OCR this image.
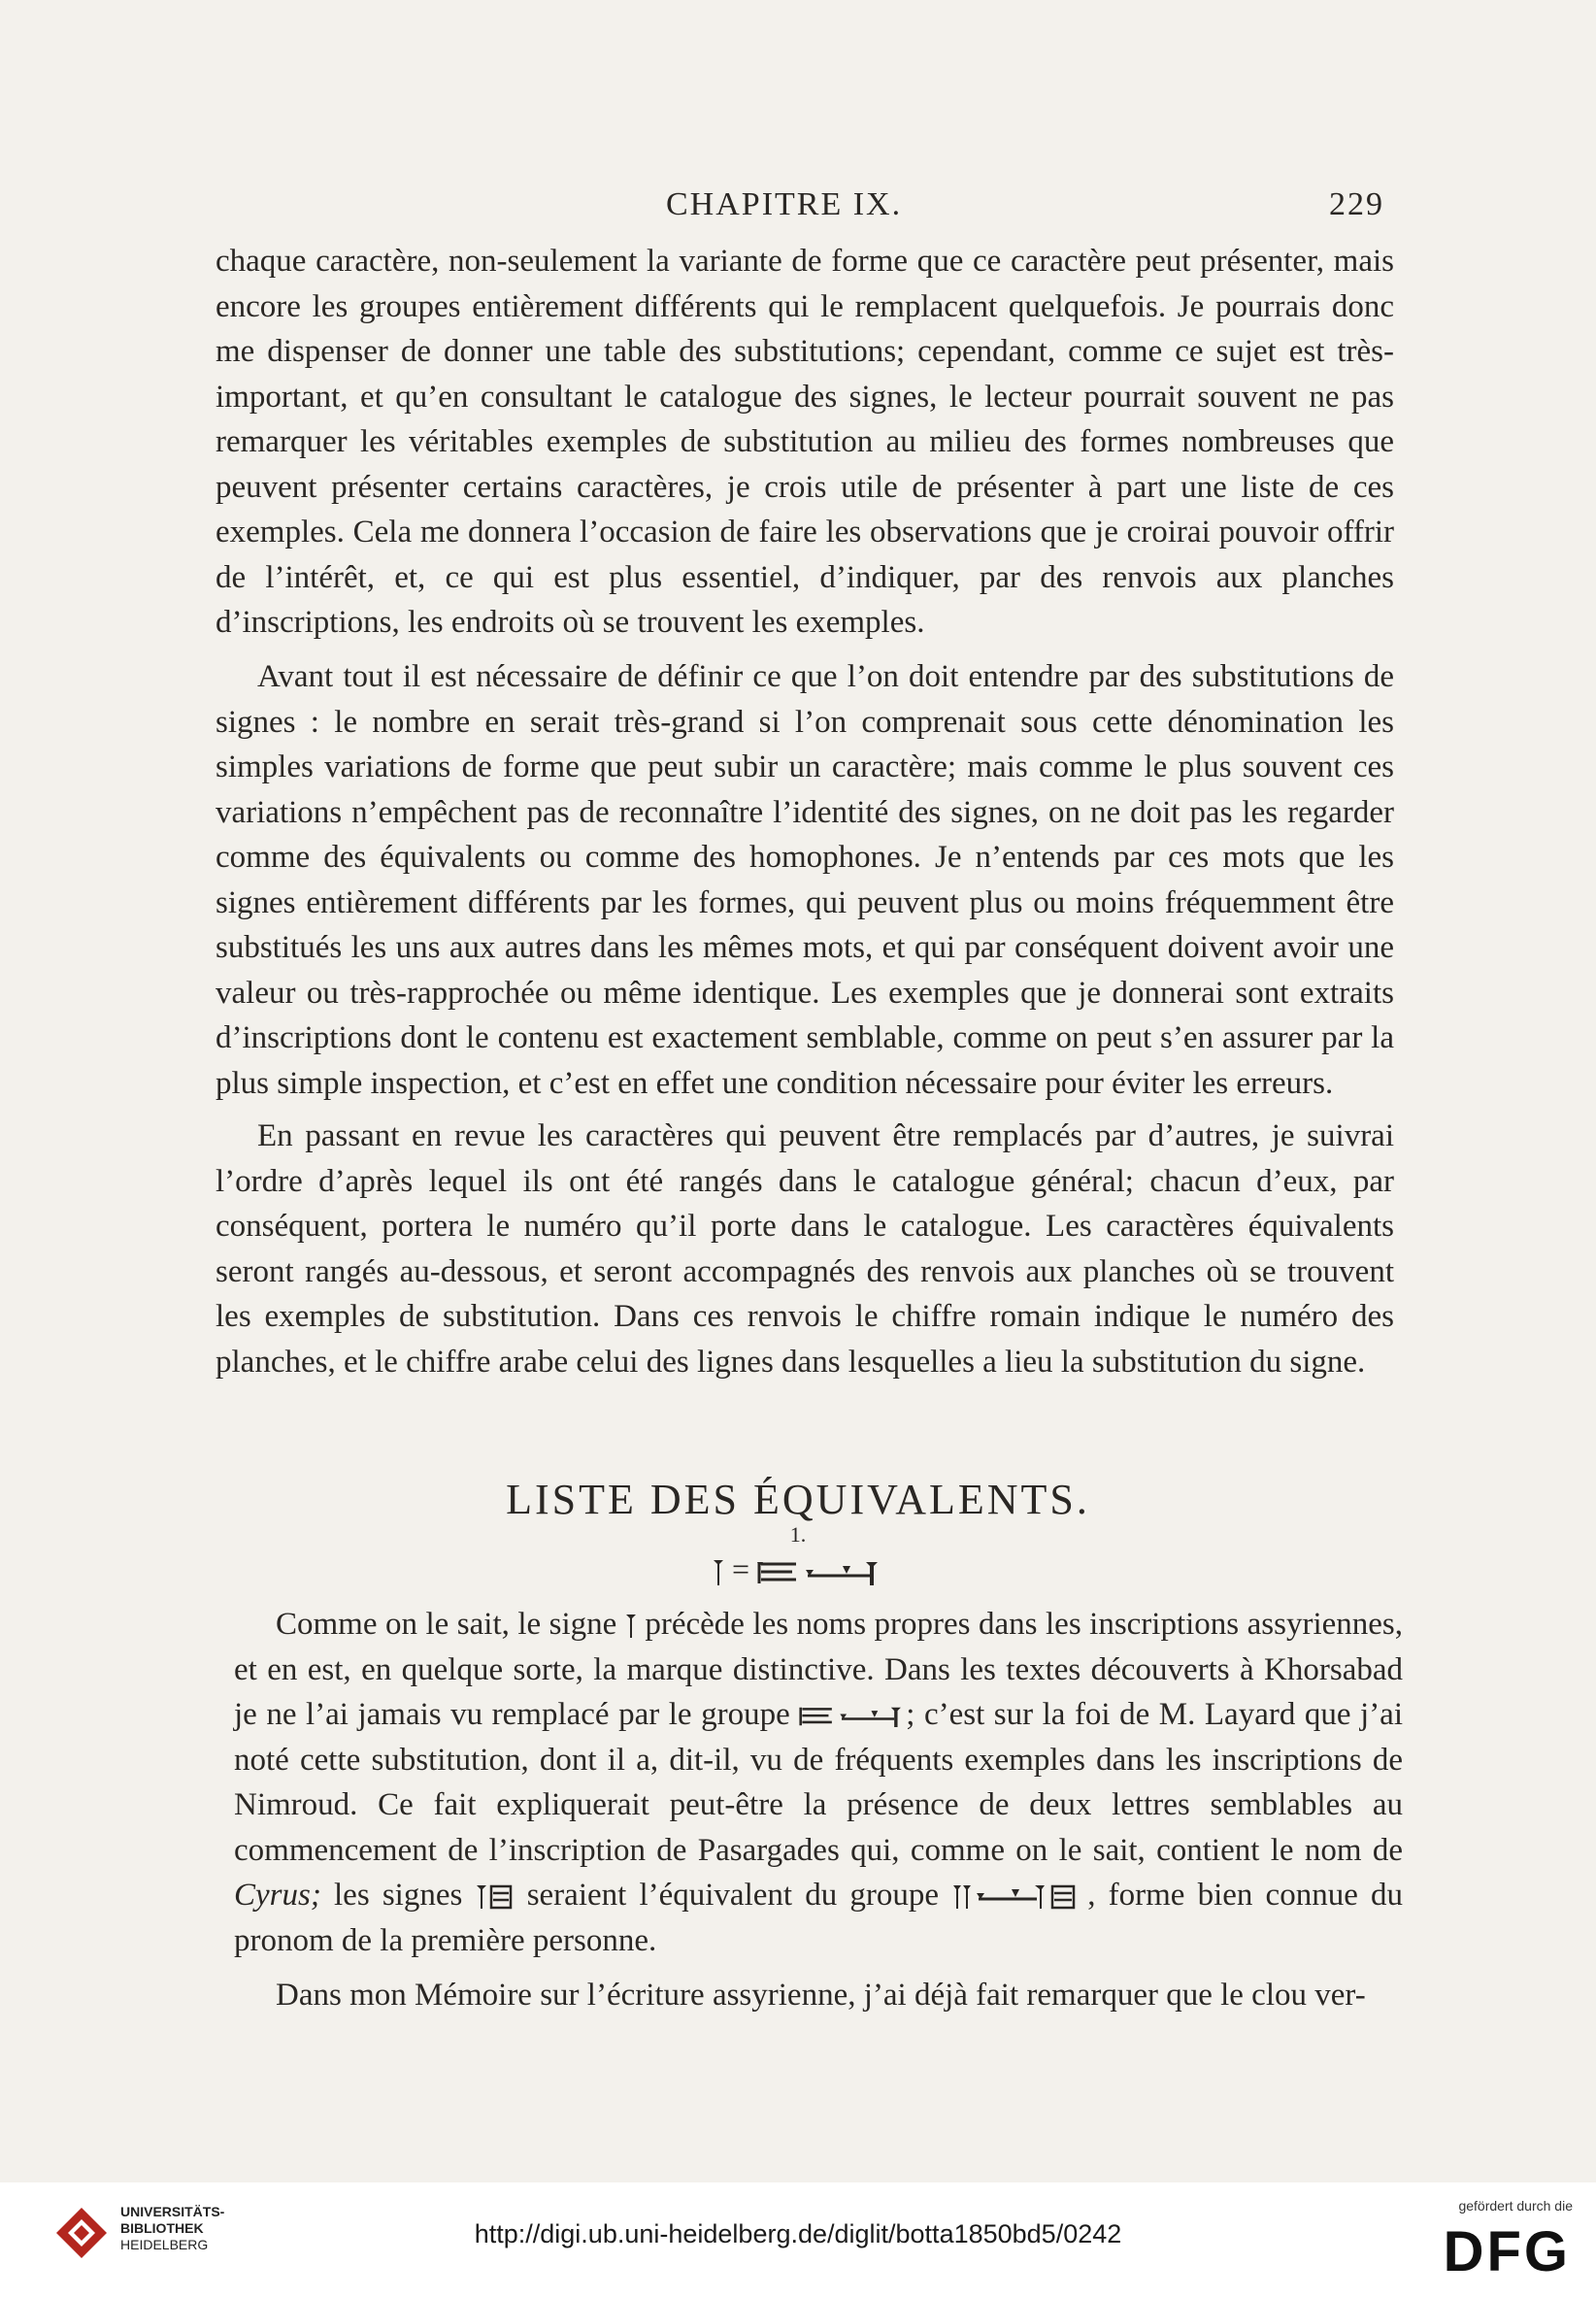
CHAPITRE IX.	229

chaque caractère, non-seulement la variante de forme que ce caractère peut présenter, mais encore les groupes entièrement différents qui le remplacent quelquefois. Je pourrais donc me dispenser de donner une table des substitutions; cependant, comme ce sujet est très-important, et qu’en consultant le catalogue des signes, le lecteur pourrait souvent ne pas remarquer les véritables exemples de substitution au milieu des formes nombreuses que peuvent présenter certains caractères, je crois utile de présenter à part une liste de ces exemples. Cela me donnera l’occasion de faire les observations que je croirai pouvoir offrir de l’intérêt, et, ce qui est plus essentiel, d’indiquer, par des renvois aux planches d’inscriptions, les endroits où se trouvent les exemples.

Avant tout il est nécessaire de définir ce que l’on doit entendre par des substitutions de signes : le nombre en serait très-grand si l’on comprenait sous cette dénomination les simples variations de forme que peut subir un caractère; mais comme le plus souvent ces variations n’empêchent pas de reconnaître l’identité des signes, on ne doit pas les regarder comme des équivalents ou comme des homophones. Je n’entends par ces mots que les signes entièrement différents par les formes, qui peuvent plus ou moins fréquemment être substitués les uns aux autres dans les mêmes mots, et qui par conséquent doivent avoir une valeur ou très-rapprochée ou même identique. Les exemples que je donnerai sont extraits d’inscriptions dont le contenu est exactement semblable, comme on peut s’en assurer par la plus simple inspection, et c’est en effet une condition nécessaire pour éviter les erreurs.

En passant en revue les caractères qui peuvent être remplacés par d’autres, je suivrai l’ordre d’après lequel ils ont été rangés dans le catalogue général; chacun d’eux, par conséquent, portera le numéro qu’il porte dans le catalogue. Les caractères équivalents seront rangés au-dessous, et seront accompagnés des renvois aux planches où se trouvent les exemples de substitution. Dans ces renvois le chiffre romain indique le numéro des planches, et le chiffre arabe celui des lignes dans lesquelles a lieu la substitution du signe.

LISTE DES ÉQUIVALENTS.
1.
=

Comme on le sait, le signe précède les noms propres dans les inscriptions assyriennes, et en est, en quelque sorte, la marque distinctive. Dans les textes découverts à Khorsabad je ne l’ai jamais vu remplacé par le groupe	; c’est sur la foi de M. Layard que j’ai noté cette substitution, dont il a, dit-il, vu de fréquents exemples dans les inscriptions de Nimroud. Ce fait expliquerait peut-être la présence de deux lettres semblables au commencement de l’inscription de Pasargades qui, comme on le sait, contient le nom de Cyrus; les signes seraient l’équivalent du groupe	, forme bien connue du pronom de la première personne.

Dans mon Mémoire sur l’écriture assyrienne, j’ai déjà fait remarquer que le clou ver-

UNIVERSITÄTS-
BIBLIOTHEK
HEIDELBERG	http://digi.ub.uni-heidelberg.de/diglit/botta1850bd5/0242
gefördert durch die
DFG
